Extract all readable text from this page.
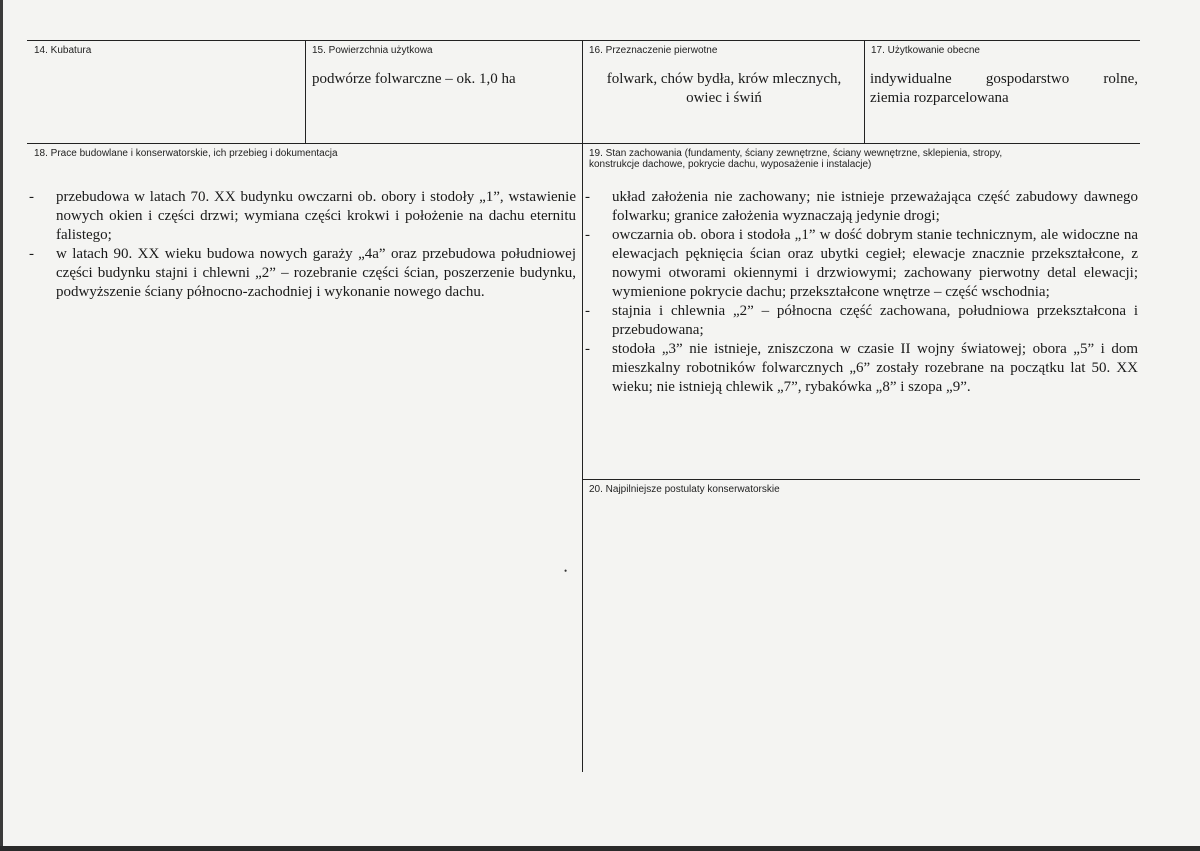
14. Kubatura	15. Powierzchnia użytkowa
podwórze folwarczne – ok. 1,0 ha
16. Przeznaczenie pierwotne
folwark, chów bydła, krów mlecznych, owiec i świń
17. Użytkowanie obecne
indywidualne gospodarstwo rolne,
ziemia rozparcelowana
18. Prace budowlane i konserwatorskie, ich przebieg i dokumentacja
- przebudowa w latach 70. XX budynku owczarni ob. obory i stodoły „1”, wstawienie nowych okien i części drzwi; wymiana części krokwi i położenie na dachu eternitu falistego;
- w latach 90. XX wieku budowa nowych garaży „4a” oraz przebudowa południowej części budynku stajni i chlewni „2” – rozebranie części ścian, poszerzenie budynku, podwyższenie ściany północno-zachodniej i wykonanie nowego dachu.
19. Stan zachowania (fundamenty, ściany zewnętrzne, ściany wewnętrzne, sklepienia, stropy,
konstrukcje dachowe, pokrycie dachu, wyposażenie i instalacje)
- układ założenia nie zachowany; nie istnieje przeważająca część zabudowy dawnego folwarku; granice założenia wyznaczają jedynie drogi;
- owczarnia ob. obora i stodoła „1” w dość dobrym stanie technicznym, ale widoczne na elewacjach pęknięcia ścian oraz ubytki cegieł; elewacje znacznie przekształcone, z nowymi otworami okiennymi i drzwiowymi; zachowany pierwotny detal elewacji; wymienione pokrycie dachu; przekształcone wnętrze – część wschodnia;
- stajnia i chlewnia „2” – północna część zachowana, południowa przekształcona i przebudowana;
- stodoła „3” nie istnieje, zniszczona w czasie II wojny światowej; obora „5” i dom mieszkalny robotników folwarcznych „6” zostały rozebrane na początku lat 50. XX wieku; nie istnieją chlewik „7”, rybakówka „8” i szopa „9”.
20. Najpilniejsze postulaty konserwatorskie
•
